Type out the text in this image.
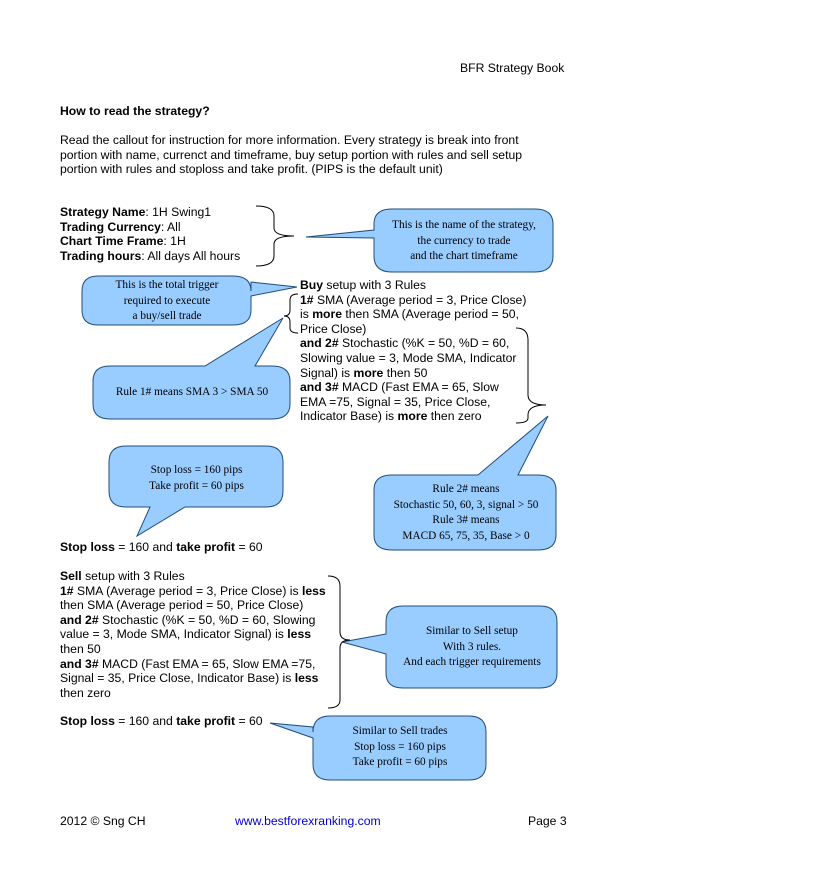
BFR Strategy Book
How to read the strategy?
Read the callout for instruction for more information. Every strategy is break into front
portion with name, currenct and timeframe, buy setup portion with rules and sell setup
portion with rules and stoploss and take profit. (PIPS is the default unit)
Strategy Name: 1H Swing1
Trading Currency: All
Chart Time Frame: 1H
Trading hours: All days All hours
Buy setup with 3 Rules
1# SMA (Average period = 3, Price Close)
is more then SMA (Average period = 50,
Price Close)
and 2# Stochastic (%K = 50, %D = 60,
Slowing value = 3, Mode SMA, Indicator
Signal) is more then 50
and 3# MACD (Fast EMA = 65, Slow
EMA =75, Signal = 35, Price Close,
Indicator Base) is more then zero
Stop loss = 160 and take profit = 60
Sell setup with 3 Rules
1# SMA (Average period = 3, Price Close) is less
then SMA (Average period = 50, Price Close)
and 2# Stochastic (%K = 50, %D = 60, Slowing
value = 3, Mode SMA, Indicator Signal) is less
then 50
and 3# MACD (Fast EMA = 65, Slow EMA =75,
Signal = 35, Price Close, Indicator Base) is less
then zero
Stop loss = 160 and take profit = 60
This is the name of the strategy,
the currency to trade
and the chart timeframe
This is the total trigger
required to execute
a buy/sell trade
Rule 1# means SMA 3 > SMA 50
Stop loss = 160 pips
Take profit = 60 pips	Rule 2# means
Stochastic 50, 60, 3, signal > 50
Rule 3# means
MACD 65, 75, 35, Base > 0
Similar to Sell setup
With 3 rules.
And each trigger requirements
Similar to Sell trades
Stop loss = 160 pips
Take profit = 60 pips
2012 © Sng CH	www.bestforexranking.com	Page 3
